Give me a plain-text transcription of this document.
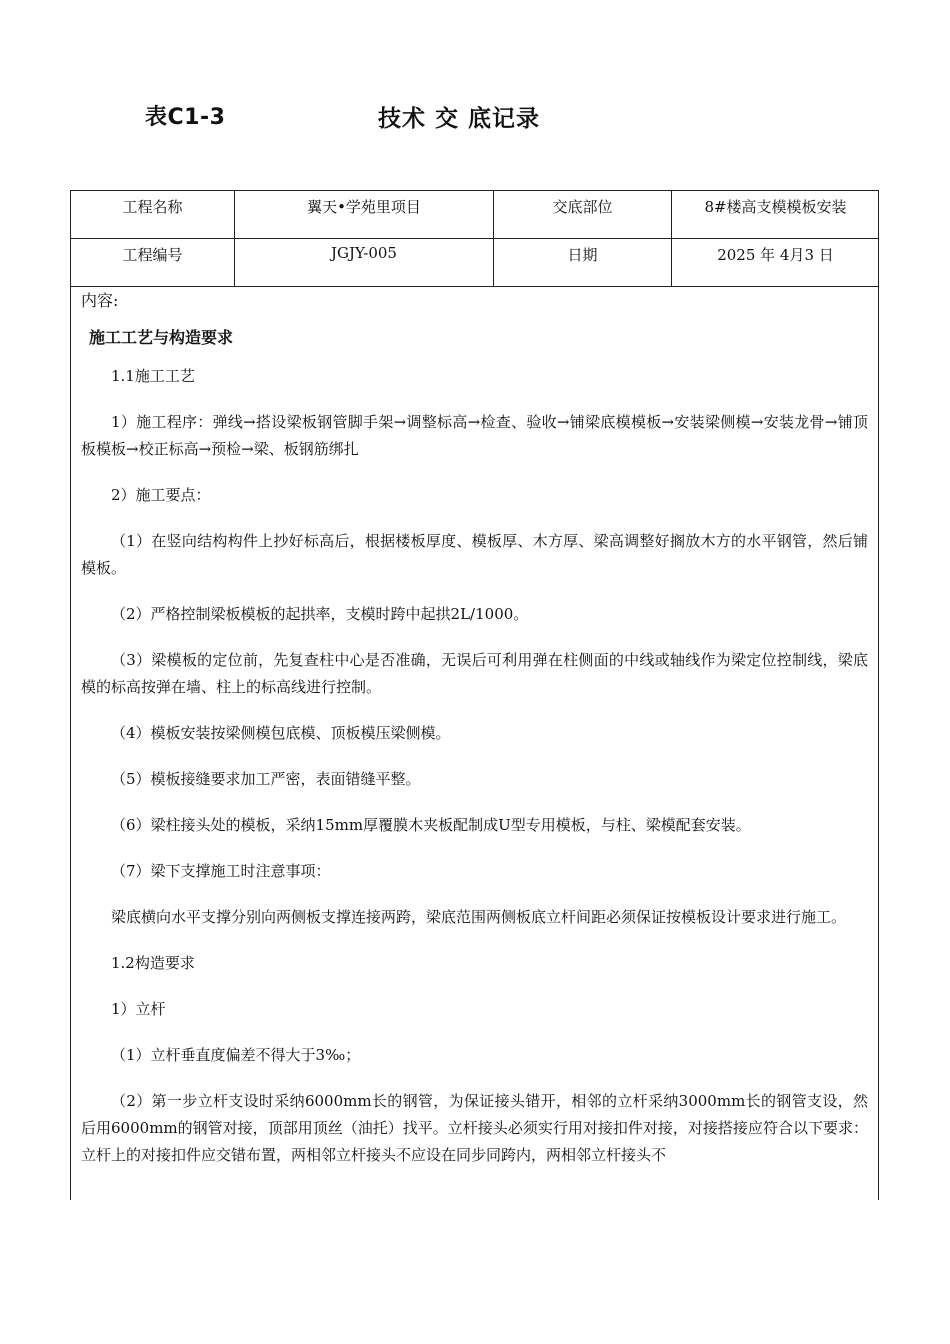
表C1-3	技术 交 底记录
工程名称	翼天•学苑里项目	交底部位	8#楼高支模模板安装
工程编号	JGJY-005	日期	2025 年 4月3 日
内容:
施工工艺与构造要求

1.1施工工艺

1）施工程序：弹线→搭设梁板钢管脚手架→调整标高→检查、验收→铺梁底模模板→安装梁侧模→安装龙骨→铺顶板模板→校正标高→预检→梁、板钢筋绑扎

2）施工要点：

（1）在竖向结构构件上抄好标高后，根据楼板厚度、模板厚、木方厚、梁高调整好搁放木方的水平钢管，然后铺模板。

（2）严格控制梁板模板的起拱率，支模时跨中起拱2L/1000。

（3）梁模板的定位前，先复查柱中心是否准确，无误后可利用弹在柱侧面的中线或轴线作为梁定位控制线，梁底模的标高按弹在墙、柱上的标高线进行控制。

（4）模板安装按梁侧模包底模、顶板模压梁侧模。

（5）模板接缝要求加工严密，表面错缝平整。

（6）梁柱接头处的模板，采纳15mm厚覆膜木夹板配制成U型专用模板，与柱、梁模配套安装。

（7）梁下支撑施工时注意事项：

梁底横向水平支撑分别向两侧板支撑连接两跨，梁底范围两侧板底立杆间距必须保证按模板设计要求进行施工。

1.2构造要求

1）立杆

（1）立杆垂直度偏差不得大于3‰；

（2）第一步立杆支设时采纳6000mm长的钢管，为保证接头错开，相邻的立杆采纳3000mm长的钢管支设，然后用6000mm的钢管对接，顶部用顶丝（油托）找平。立杆接头必须实行用对接扣件对接，对接搭接应符合以下要求：立杆上的对接扣件应交错布置，两相邻立杆接头不应设在同步同跨内，两相邻立杆接头不
